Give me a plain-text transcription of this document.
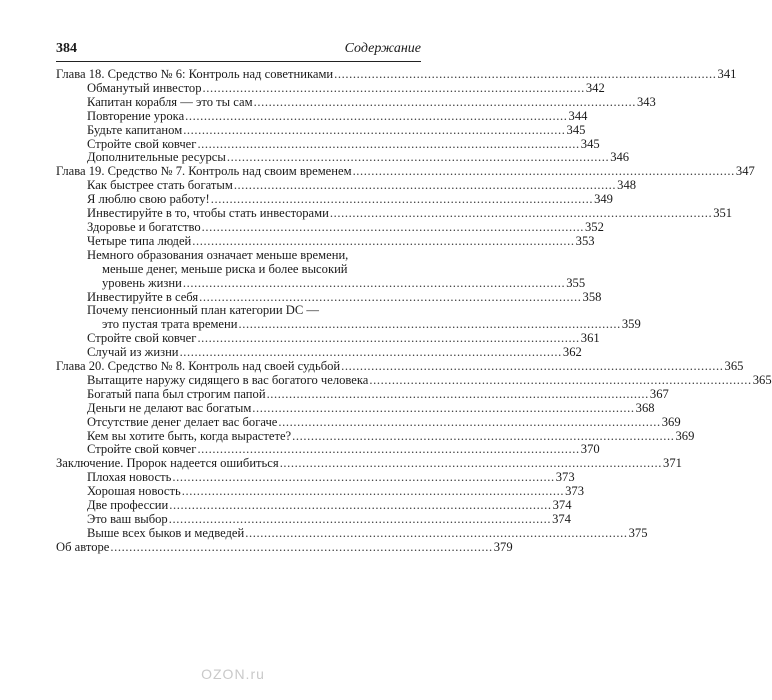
384	Содержание
Глава 18. Средство № 6: Контроль над советниками ...................................................................................................... 341
Обманутый инвестор ...................................................................................................... 342
Капитан корабля — это ты сам ...................................................................................................... 343
Повторение урока ...................................................................................................... 344
Будьте капитаном ...................................................................................................... 345
Стройте свой ковчег ...................................................................................................... 345
Дополнительные ресурсы ...................................................................................................... 346
Глава 19. Средство № 7. Контроль над своим временем ...................................................................................................... 347
Как быстрее стать богатым ...................................................................................................... 348
Я люблю свою работу! ...................................................................................................... 349
Инвестируйте в то, чтобы стать инвесторами ...................................................................................................... 351
Здоровье и богатство ...................................................................................................... 352
Четыре типа людей ...................................................................................................... 353
Немного образования означает меньше времени,
меньше денег, меньше риска и более высокий
уровень жизни ...................................................................................................... 355
Инвестируйте в себя ...................................................................................................... 358
Почему пенсионный план категории DC —
это пустая трата времени ...................................................................................................... 359
Стройте свой ковчег ...................................................................................................... 361
Случай из жизни ...................................................................................................... 362
Глава 20. Средство № 8. Контроль над своей судьбой ...................................................................................................... 365
Вытащите наружу сидящего в вас богатого человека ...................................................................................................... 365
Богатый папа был строгим папой ...................................................................................................... 367
Деньги не делают вас богатым ...................................................................................................... 368
Отсутствие денег делает вас богаче ...................................................................................................... 369
Кем вы хотите быть, когда вырастете? ...................................................................................................... 369
Стройте свой ковчег ...................................................................................................... 370
Заключение. Пророк надеется ошибиться ...................................................................................................... 371
Плохая новость ...................................................................................................... 373
Хорошая новость ...................................................................................................... 373
Две профессии ...................................................................................................... 374
Это ваш выбор ...................................................................................................... 374
Выше всех быков и медведей ...................................................................................................... 375
Об авторе ...................................................................................................... 379
OZON.ru
